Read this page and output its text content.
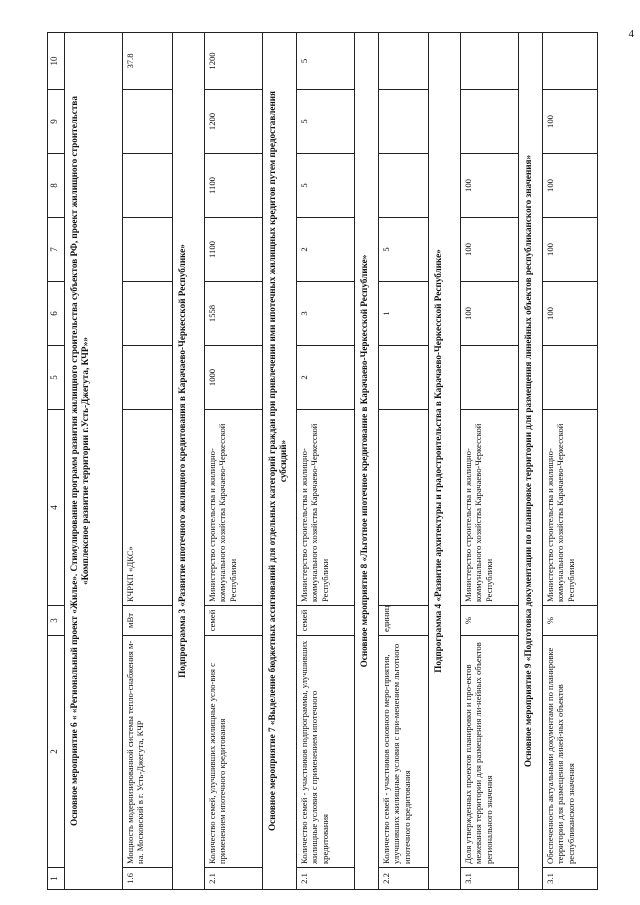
4
1	2	3	4	5	6	7	8	9	10
Основное мероприятие 6 « «Региональный проект «Жилье». Стимулирование программ развития жилищного строительства субъектов РФ, проект жилищного строительства «Комплексное развитие территории г.Усть-Джегута, КЧР»»									
1.6	Мощность модернизированной системы тепло-снабжения м-на. Московский в г. Усть-Джегута, КЧР	мВт	КЧРКП «ДКС»						37.8
Подпрограмма 3 «Развитие ипотечного жилищного кредитования в Карачаево-Черкесской Республике»									
2.1	Количество семей, улучшивших жилищные усло-вия с применением ипотечного кредитования	семей	Министерство строительства и жилищно-коммунального хозяйства Карачаево-Черкесской Республики	1000	1558	1100	1100	1200	1200
Основное мероприятие 7 «Выделение бюджетных ассигнований для отдельных категорий граждан при привлечении ими ипотечных жилищных кредитов путем предоставления субсидий»									
2.1	Количество семей - участников подпрограммы, улучшивших жилищные условия с применением ипотечного кредитования	семей	Министерство строительства и жилищно-коммунального хозяйства Карачаево-Черкесской Республики	2	3	2	5	5	5
Основное мероприятие 8 «Льготное ипотечное кредитование в Карачаево-Черкесской Республике»									
2.2	Количество семей - участников основного меро-приятия, улучшивших жилищные условия с при-менением льготного ипотечного кредитования	единиц			1	5			
Подпрограмма 4 «Развитие архитектуры и градостроительства в Карачаево-Черкесской Республике»									
3.1	Доля утвержденных проектов планировки и про-ектов межевания территории для размещения ли-нейных объектов регионального значения	%	Министерство строительства и жилищно-коммунального хозяйства Карачаево-Черкесской Республики		100	100	100		
Основное мероприятие 9 «Подготовка документации по планировке территории для размещения линейных объектов республиканского значения»									
3.1	Обеспеченность актуальными документами по планировке территории для размещения линей-ных объектов республиканского значения	%	Министерство строительства и жилищно-коммунального хозяйства Карачаево-Черкесской Республики		100	100	100	100	
